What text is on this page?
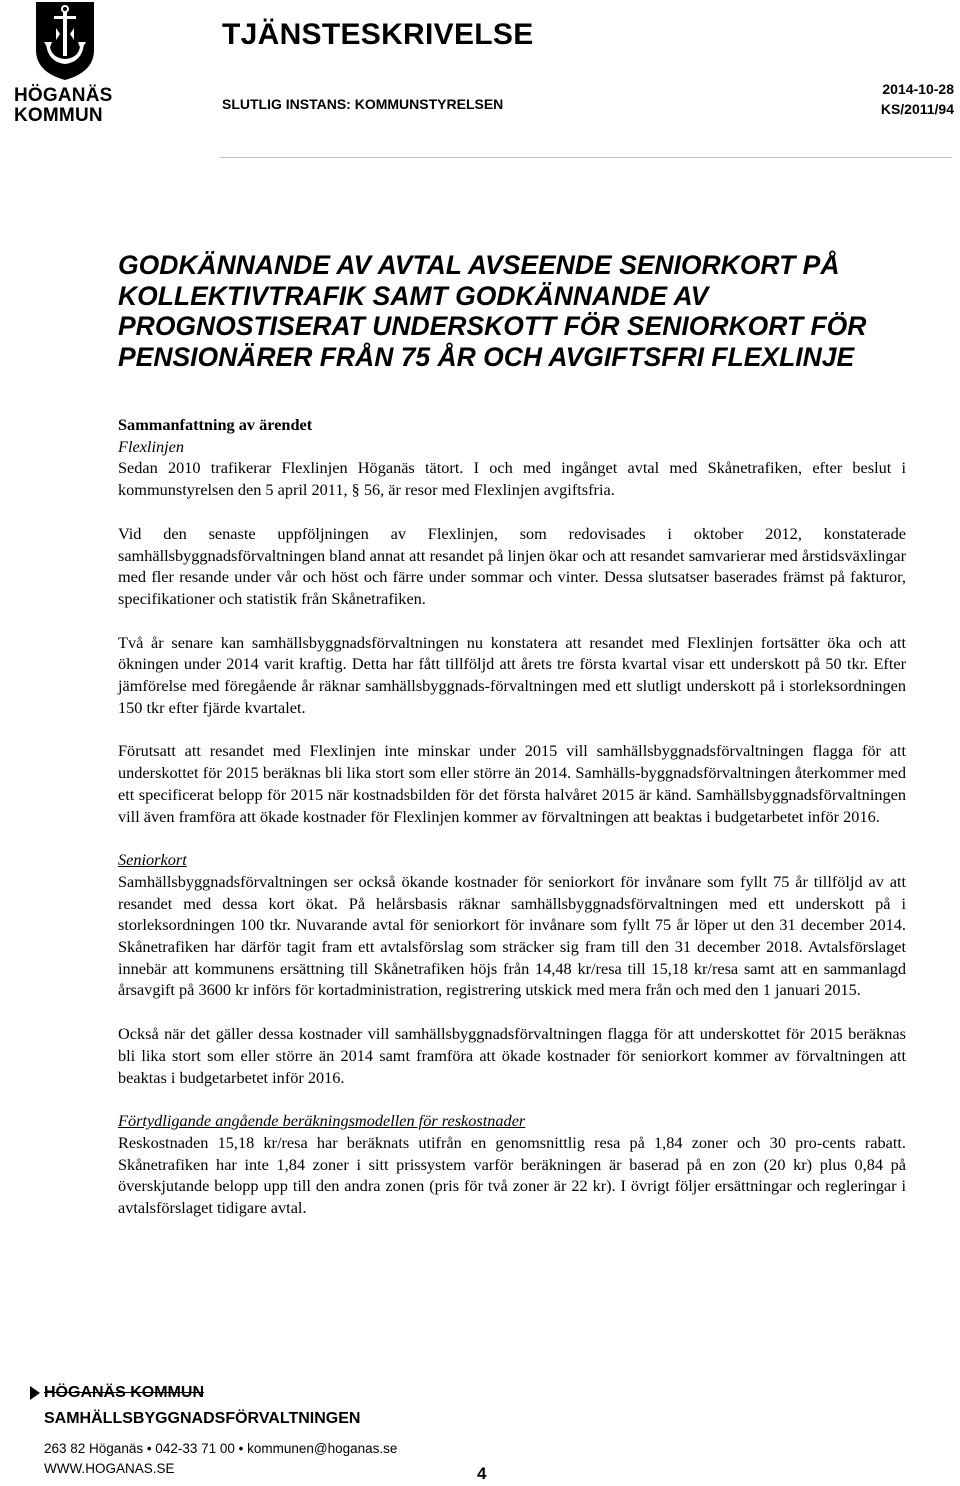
HÖGANÄS
KOMMUN
TJÄNSTESKRIVELSE
SLUTLIG INSTANS: KOMMUNSTYRELSEN
2014-10-28
KS/2011/94
GODKÄNNANDE AV AVTAL AVSEENDE SENIORKORT PÅ KOLLEKTIVTRAFIK SAMT GODKÄNNANDE AV PROGNOSTISERAT UNDERSKOTT FÖR SENIORKORT FÖR PENSIONÄRER FRÅN 75 ÅR OCH AVGIFTSFRI FLEXLINJE

Sammanfattning av ärendet

Flexlinjen

Sedan 2010 trafikerar Flexlinjen Höganäs tätort. I och med ingånget avtal med Skånetrafiken, efter beslut i kommunstyrelsen den 5 april 2011, § 56, är resor med Flexlinjen avgiftsfria.

Vid den senaste uppföljningen av Flexlinjen, som redovisades i oktober 2012, konstaterade samhällsbyggnadsförvaltningen bland annat att resandet på linjen ökar och att resandet samvarierar med årstidsväxlingar med fler resande under vår och höst och färre under sommar och vinter. Dessa slutsatser baserades främst på fakturor, specifikationer och statistik från Skånetrafiken.

Två år senare kan samhällsbyggnadsförvaltningen nu konstatera att resandet med Flexlinjen fortsätter öka och att ökningen under 2014 varit kraftig. Detta har fått tillföljd att årets tre första kvartal visar ett underskott på 50 tkr. Efter jämförelse med föregående år räknar samhällsbyggnads-förvaltningen med ett slutligt underskott på i storleksordningen 150 tkr efter fjärde kvartalet.

Förutsatt att resandet med Flexlinjen inte minskar under 2015 vill samhällsbyggnadsförvaltningen flagga för att underskottet för 2015 beräknas bli lika stort som eller större än 2014. Samhälls-byggnadsförvaltningen återkommer med ett specificerat belopp för 2015 när kostnadsbilden för det första halvåret 2015 är känd. Samhällsbyggnadsförvaltningen vill även framföra att ökade kostnader för Flexlinjen kommer av förvaltningen att beaktas i budgetarbetet inför 2016.

Seniorkort

Samhällsbyggnadsförvaltningen ser också ökande kostnader för seniorkort för invånare som fyllt 75 år tillföljd av att resandet med dessa kort ökat. På helårsbasis räknar samhällsbyggnadsförvaltningen med ett underskott på i storleksordningen 100 tkr. Nuvarande avtal för seniorkort för invånare som fyllt 75 år löper ut den 31 december 2014. Skånetrafiken har därför tagit fram ett avtalsförslag som sträcker sig fram till den 31 december 2018. Avtalsförslaget innebär att kommunens ersättning till Skånetrafiken höjs från 14,48 kr/resa till 15,18 kr/resa samt att en sammanlagd årsavgift på 3600 kr införs för kortadministration, registrering utskick med mera från och med den 1 januari 2015.

Också när det gäller dessa kostnader vill samhällsbyggnadsförvaltningen flagga för att underskottet för 2015 beräknas bli lika stort som eller större än 2014 samt framföra att ökade kostnader för seniorkort kommer av förvaltningen att beaktas i budgetarbetet inför 2016.

Förtydligande angående beräkningsmodellen för reskostnader

Reskostnaden 15,18 kr/resa har beräknats utifrån en genomsnittlig resa på 1,84 zoner och 30 pro-cents rabatt. Skånetrafiken har inte 1,84 zoner i sitt prissystem varför beräkningen är baserad på en zon (20 kr) plus 0,84 på överskjutande belopp upp till den andra zonen (pris för två zoner är 22 kr). I övrigt följer ersättningar och regleringar i avtalsförslaget tidigare avtal.

HÖGANÄS KOMMUN
SAMHÄLLSBYGGNADSFÖRVALTNINGEN
263 82 Höganäs • 042-33 71 00 • kommunen@hoganas.se
WWW.HOGANAS.SE	4
